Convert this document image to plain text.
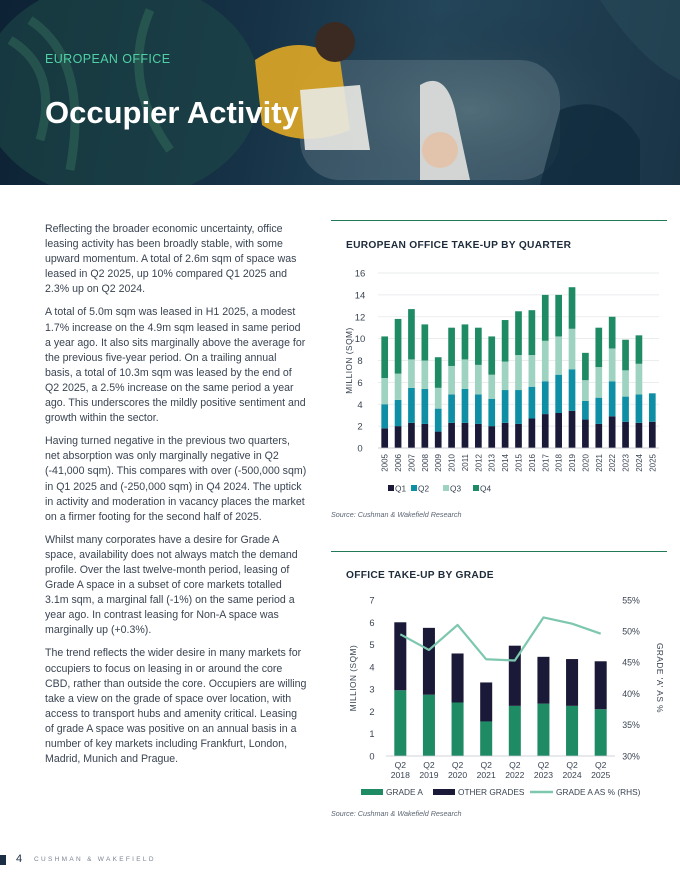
EUROPEAN OFFICE
Occupier Activity

Reflecting the broader economic uncertainty, office leasing activity has been broadly stable, with some upward momentum. A total of 2.6m sqm of space was leased in Q2 2025, up 10% compared Q1 2025 and 2.3% up on Q2 2024.

A total of 5.0m sqm was leased in H1 2025, a modest 1.7% increase on the 4.9m sqm leased in same period a year ago. It also sits marginally above the average for the previous five-year period. On a trailing annual basis, a total of 10.3m sqm was leased by the end of Q2 2025, a 2.5% increase on the same period a year ago. This underscores the mildly positive sentiment and growth within the sector.

Having turned negative in the previous two quarters, net absorption was only marginally negative in Q2 (-41,000 sqm). This compares with over (-500,000 sqm) in Q1 2025 and (-250,000 sqm) in Q4 2024. The uptick in activity and moderation in vacancy places the market on a firmer footing for the second half of 2025.

Whilst many corporates have a desire for Grade A space, availability does not always match the demand profile. Over the last twelve-month period, leasing of Grade A space in a subset of core markets totalled 3.1m sqm, a marginal fall (-1%) on the same period a year ago. In contrast leasing for Non-A space was marginally up (+0.3%).

The trend reflects the wider desire in many markets for occupiers to focus on leasing in or around the core CBD, rather than outside the core. Occupiers are willing take a view on the grade of space over location, with access to transport hubs and amenity critical. Leasing of grade A space was positive on an annual basis in a number of key markets including Frankfurt, London, Madrid, Munich and Prague.

EUROPEAN OFFICE TAKE-UP BY QUARTER
0
2
4
6
8
10
12
14
16
MILLION (SQM)
2005 2006 2007 2008 2009 2010 2011 2012 2013 2014 2015 2016 2017 2018 2019 2020 2021 2022 2023 2024 2025
Q1 Q2	Q3 Q4
Source: Cushman & Wakefield Research
OFFICE TAKE-UP BY GRADE
0
1
2
3
4
5
6
7
30%
35%
40%
45%
50%
55%
MILLION (SQM)	GRADE 'A' AS %
Q2
2018
Q2
2019
Q2
2020
Q2
2021
Q2
2022
Q2
2023
Q2
2024
Q2
2025
GRADE A	OTHER GRADES	GRADE A AS % (RHS)
Source: Cushman & Wakefield Research
4 CUSHMAN & WAKEFIELD
